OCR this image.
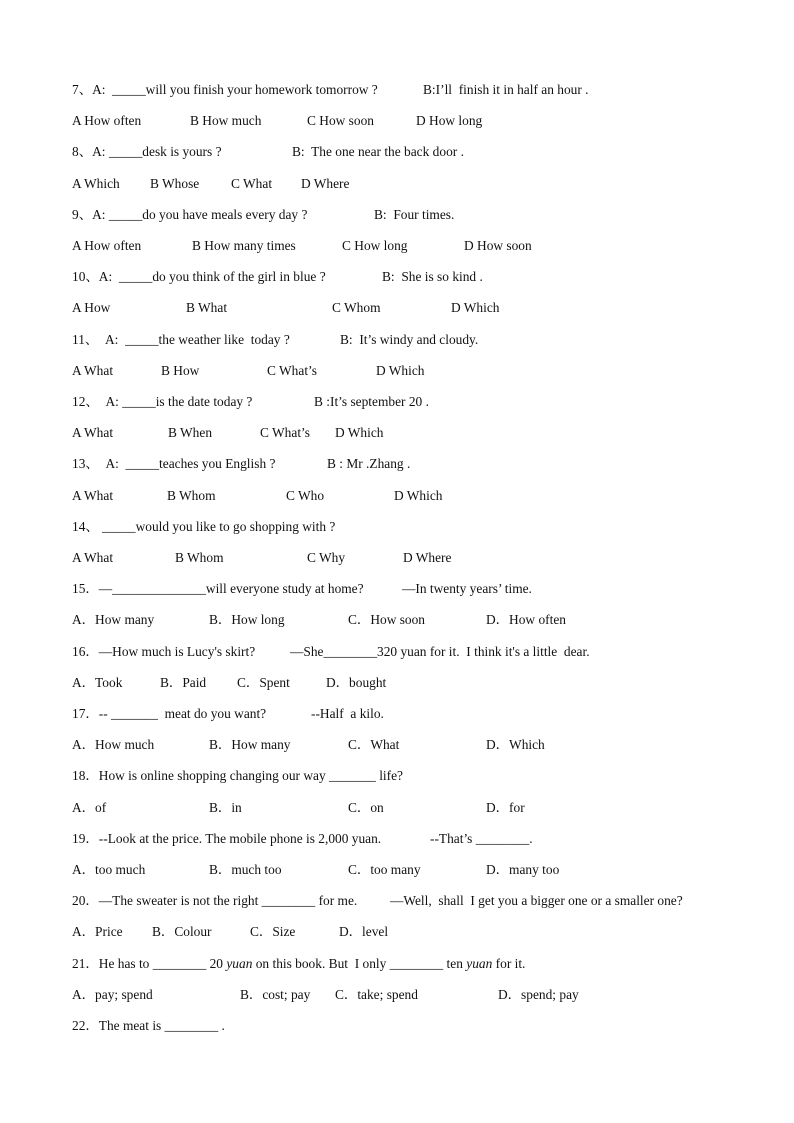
7、A:  _____will you finish your homework tomorrow ?	B:I’ll  finish it in half an hour .
A How often	B How much	C How soon	D How long
8、A: _____desk is yours ?	B:  The one near the back door .
A Which B Whose C What D Where
9、A: _____do you have meals every day ?	B:  Four times.
A How often	B How many times	C How long	D How soon
10、A:  _____do you think of the girl in blue ?	B:  She is so kind .
A How	B What	C Whom	D Which
11、  A:  _____the weather like  today ?	B:  It’s windy and cloudy.
A What	B How	C What’s	D Which
12、  A: _____is the date today ?	B :It’s september 20 .
A What	B When	C What’s D Which
13、  A:  _____teaches you English ?	B : Mr .Zhang .
A What	B Whom	C Who	D Which
14、 _____would you like to go shopping with ?
A What	B Whom	C Why	D Where
15．—______________will everyone study at home?	—In twenty years’ time.
A．How many	B．How long	C．How soon	D．How often
16．—How much is Lucy's skirt?	—She________320 yuan for it.  I think it's a little  dear.
A．Took	B．Paid C．Spent	D．bought
17．-- _______  meat do you want?	--Half  a kilo.
A．How much	B．How many	C．What	D．Which
18．How is online shopping changing our way _______ life?
A．of	B．in	C．on	D．for
19．--Look at the price. The mobile phone is 2,000 yuan.	--That’s ________.
A．too much	B．much too	C．too many	D．many too
20．—The sweater is not the right ________ for me. —Well,  shall  I get you a bigger one or a smaller one?
A．Price B．Colour	C．Size	D．level
21．He has to ________ 20 yuan on this book. But  I only ________ ten yuan for it.
A．pay; spend	B．cost; pay C．take; spend	D．spend; pay
22．The meat is ________ .
